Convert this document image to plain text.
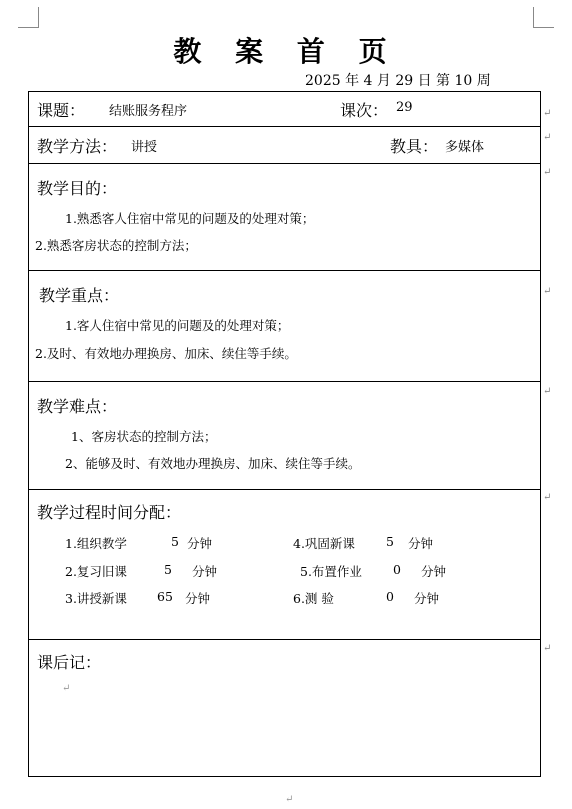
教 案 首 页
2025 年 4 月 29 日 第 10 周
课题： 结账服务程序	课次： 29
教学方法： 讲授	教具： 多媒体
教学目的：
1.熟悉客人住宿中常见的问题及的处理对策；
2.熟悉客房状态的控制方法；
教学重点：
1.客人住宿中常见的问题及的处理对策；
2.及时、有效地办理换房、加床、续住等手续。
教学难点：
1、客房状态的控制方法；
2、能够及时、有效地办理换房、加床、续住等手续。
教学过程时间分配：
1.组织教学	5 分钟	4.巩固新课 5 分钟
2.复习旧课	5 分钟	5.布置作业 0 分钟
3.讲授新课 65 分钟	6.测 验	0 分钟
课后记：
↵
↵
↵
↵
↵
↵
↵
↵
↵
